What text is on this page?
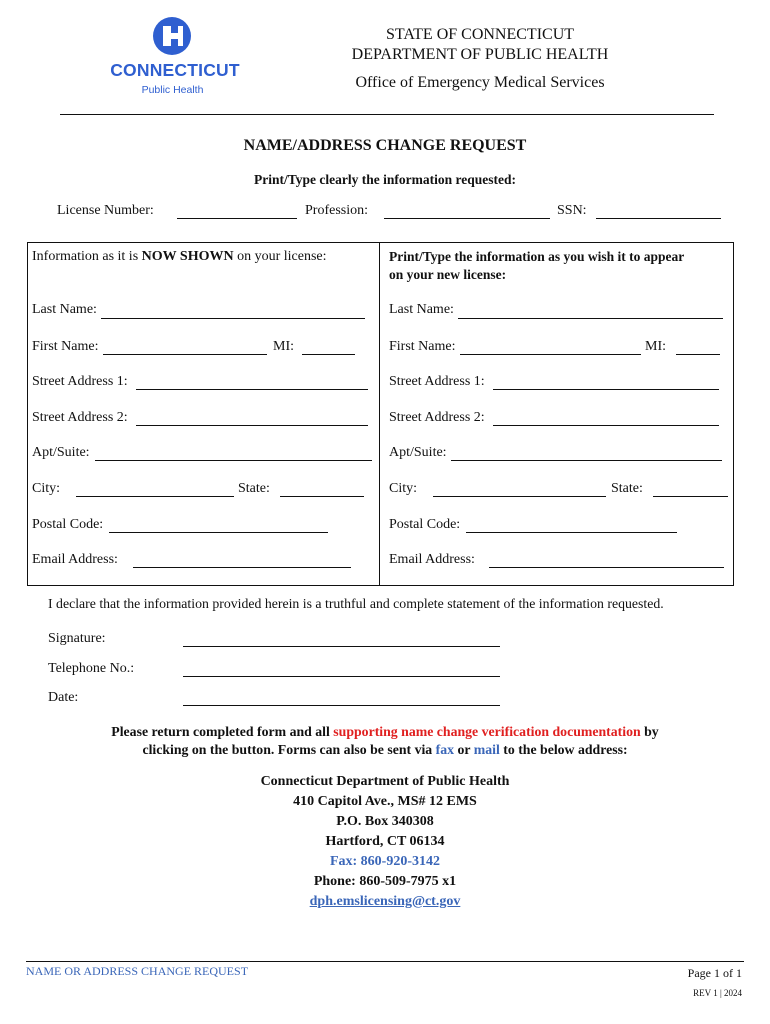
CONNECTICUT
Public Health
STATE OF CONNECTICUT
DEPARTMENT OF PUBLIC HEALTH
Office of Emergency Medical Services
NAME/ADDRESS CHANGE REQUEST
Print/Type clearly the information requested:
License Number:	Profession:	SSN:
Information as it is NOW SHOWN on your license:
Last Name:
First Name:	MI:
Street Address 1:
Street Address 2:
Apt/Suite:
City:	State:
Postal Code:
Email Address:
Print/Type the information as you wish it to appear
on your new license:
Last Name:
First Name:	MI:
Street Address 1:
Street Address 2:
Apt/Suite:
City:	State:
Postal Code:
Email Address:
I declare that the information provided herein is a truthful and complete statement of the information requested.
Signature:
Telephone No.:
Date:
Please return completed form and all supporting name change verification documentation by
clicking on the button. Forms can also be sent via fax or mail to the below address:
Connecticut Department of Public Health
410 Capitol Ave., MS# 12 EMS
P.O. Box 340308
Hartford, CT 06134
Fax: 860-920-3142
Phone: 860-509-7975 x1
dph.emslicensing@ct.gov
NAME OR ADDRESS CHANGE REQUEST	Page 1 of 1
REV 1 | 2024
